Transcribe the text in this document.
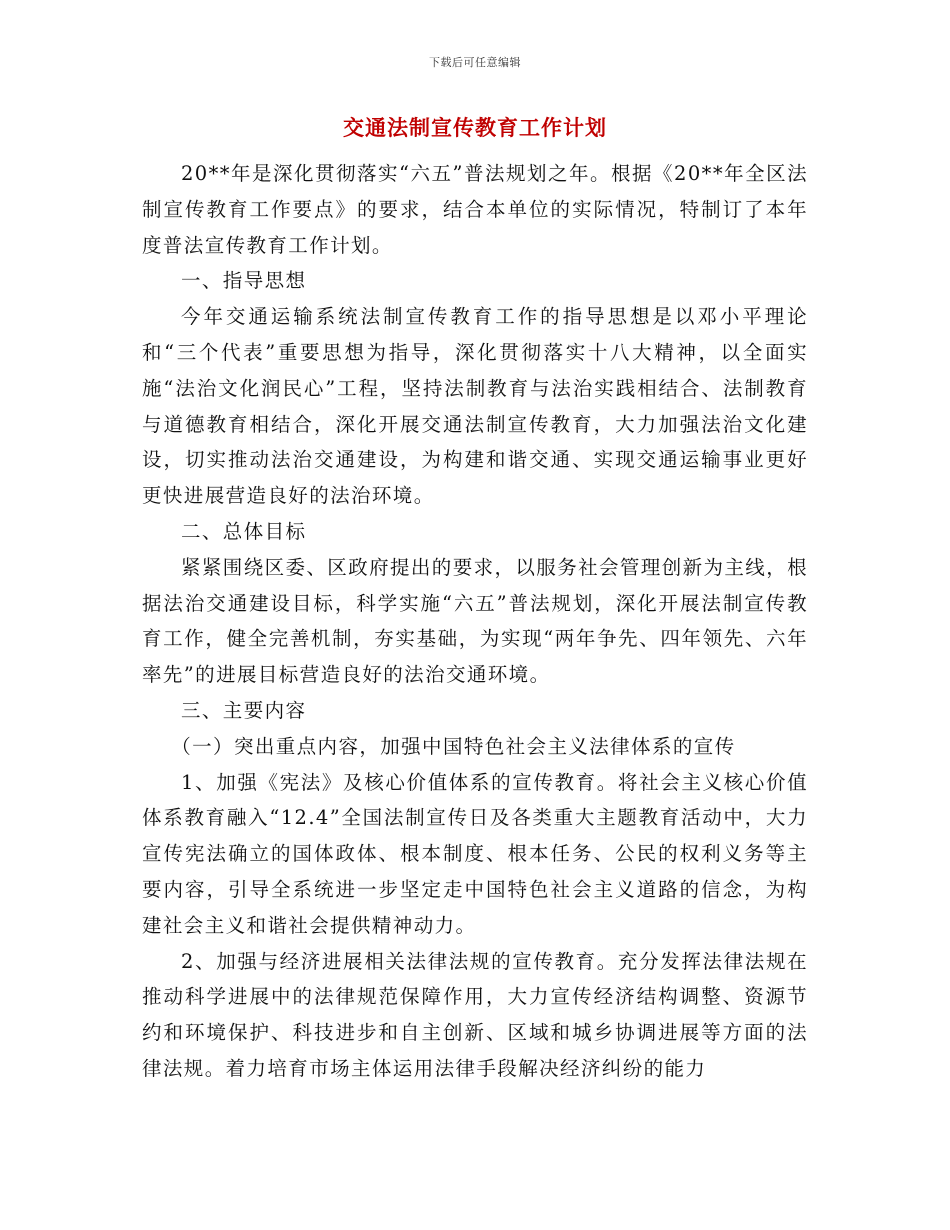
下载后可任意编辑
交通法制宣传教育工作计划

20**年是深化贯彻落实“六五”普法规划之年。根据《20**年全区法制宣传教育工作要点》的要求，结合本单位的实际情况，特制订了本年度普法宣传教育工作计划。

一、指导思想

今年交通运输系统法制宣传教育工作的指导思想是以邓小平理论和“三个代表”重要思想为指导，深化贯彻落实十八大精神，以全面实施“法治文化润民心”工程，坚持法制教育与法治实践相结合、法制教育与道德教育相结合，深化开展交通法制宣传教育，大力加强法治文化建设，切实推动法治交通建设，为构建和谐交通、实现交通运输事业更好更快进展营造良好的法治环境。

二、总体目标

紧紧围绕区委、区政府提出的要求，以服务社会管理创新为主线，根据法治交通建设目标，科学实施“六五”普法规划，深化开展法制宣传教育工作，健全完善机制，夯实基础，为实现“两年争先、四年领先、六年率先”的进展目标营造良好的法治交通环境。

三、主要内容

（一）突出重点内容，加强中国特色社会主义法律体系的宣传

1、加强《宪法》及核心价值体系的宣传教育。将社会主义核心价值体系教育融入“12.4”全国法制宣传日及各类重大主题教育活动中，大力宣传宪法确立的国体政体、根本制度、根本任务、公民的权利义务等主要内容，引导全系统进一步坚定走中国特色社会主义道路的信念，为构建社会主义和谐社会提供精神动力。

2、加强与经济进展相关法律法规的宣传教育。充分发挥法律法规在推动科学进展中的法律规范保障作用，大力宣传经济结构调整、资源节约和环境保护、科技进步和自主创新、区域和城乡协调进展等方面的法律法规。着力培育市场主体运用法律手段解决经济纠纷的能力
